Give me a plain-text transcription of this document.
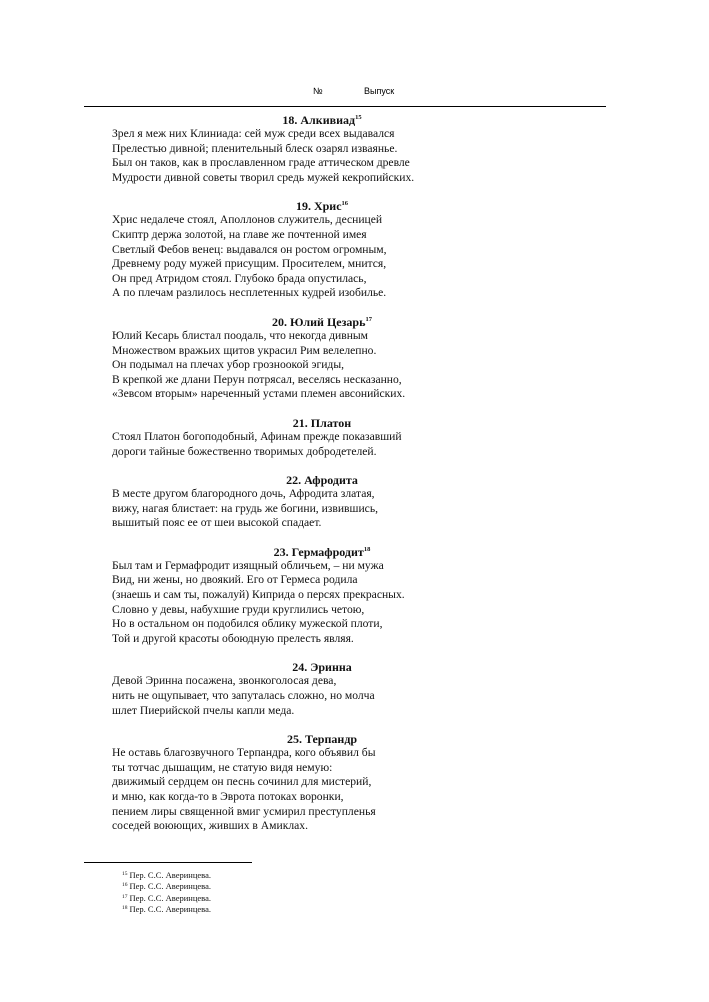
№	Выпуск
18. Алкивиад$^{15}$
Зрел я меж них Клиниада: сей муж среди всех выдавался
Прелестью дивной; пленительный блеск озарял изваянье.
Был он таков, как в прославленном граде аттическом древле
Мудрости дивной советы творил средь мужей кекропийских.
19. Хрис$^{16}$
Хрис недалече стоял, Аполлонов служитель, десницей
Скиптр держа золотой, на главе же почтенной имея
Светлый Фебов венец: выдавался он ростом огромным,
Древнему роду мужей присущим. Просителем, мнится,
Он пред Атридом стоял. Глубоко брада опустилась,
А по плечам разлилось несплетенных кудрей изобилье.
20. Юлий Цезарь$^{17}$
Юлий Кесарь блистал поодаль, что некогда дивным
Множеством вражьих щитов украсил Рим велелепно.
Он подымал на плечах убор грозноокой эгиды,
В крепкой же длани Перун потрясал, веселясь несказанно,
«Зевсом вторым» нареченный устами племен авсонийских.
21. Платон
Стоял Платон богоподобный, Афинам прежде показавший
дороги тайные божественно творимых добродетелей.
22. Афродита
В месте другом благородного дочь, Афродита златая,
вижу, нагая блистает: на грудь же богини, извившись,
вышитый пояс ее от шеи высокой спадает.
23. Гермафродит$^{18}$
Был там и Гермафродит изящный обличьем, – ни мужа
Вид, ни жены, но двоякий. Его от Гермеса родила
(знаешь и сам ты, пожалуй) Киприда о персях прекрасных.
Словно у девы, набухшие груди круглились четою,
Но в остальном он подобился облику мужеской плоти,
Той и другой красоты обоюдную прелесть являя.
24. Эринна
Девой Эринна посажена, звонкоголосая дева,
нить не ощупывает, что запуталась сложно, но молча
шлет Пиерийской пчелы капли меда.
25. Терпандр
Не оставь благозвучного Терпандра, кого объявил бы
ты тотчас дышащим, не статую видя немую:
движимый сердцем он песнь сочинил для мистерий,
и мню, как когда-то в Эврота потоках воронки,
пением лиры священной вмиг усмирил преступленья
соседей воюющих, живших в Амиклах.
$^{15}$ Пер. С.С. Аверинцева.
$^{16}$ Пер. С.С. Аверинцева.
$^{17}$ Пер. С.С. Аверинцева.
$^{18}$ Пер. С.С. Аверинцева.
